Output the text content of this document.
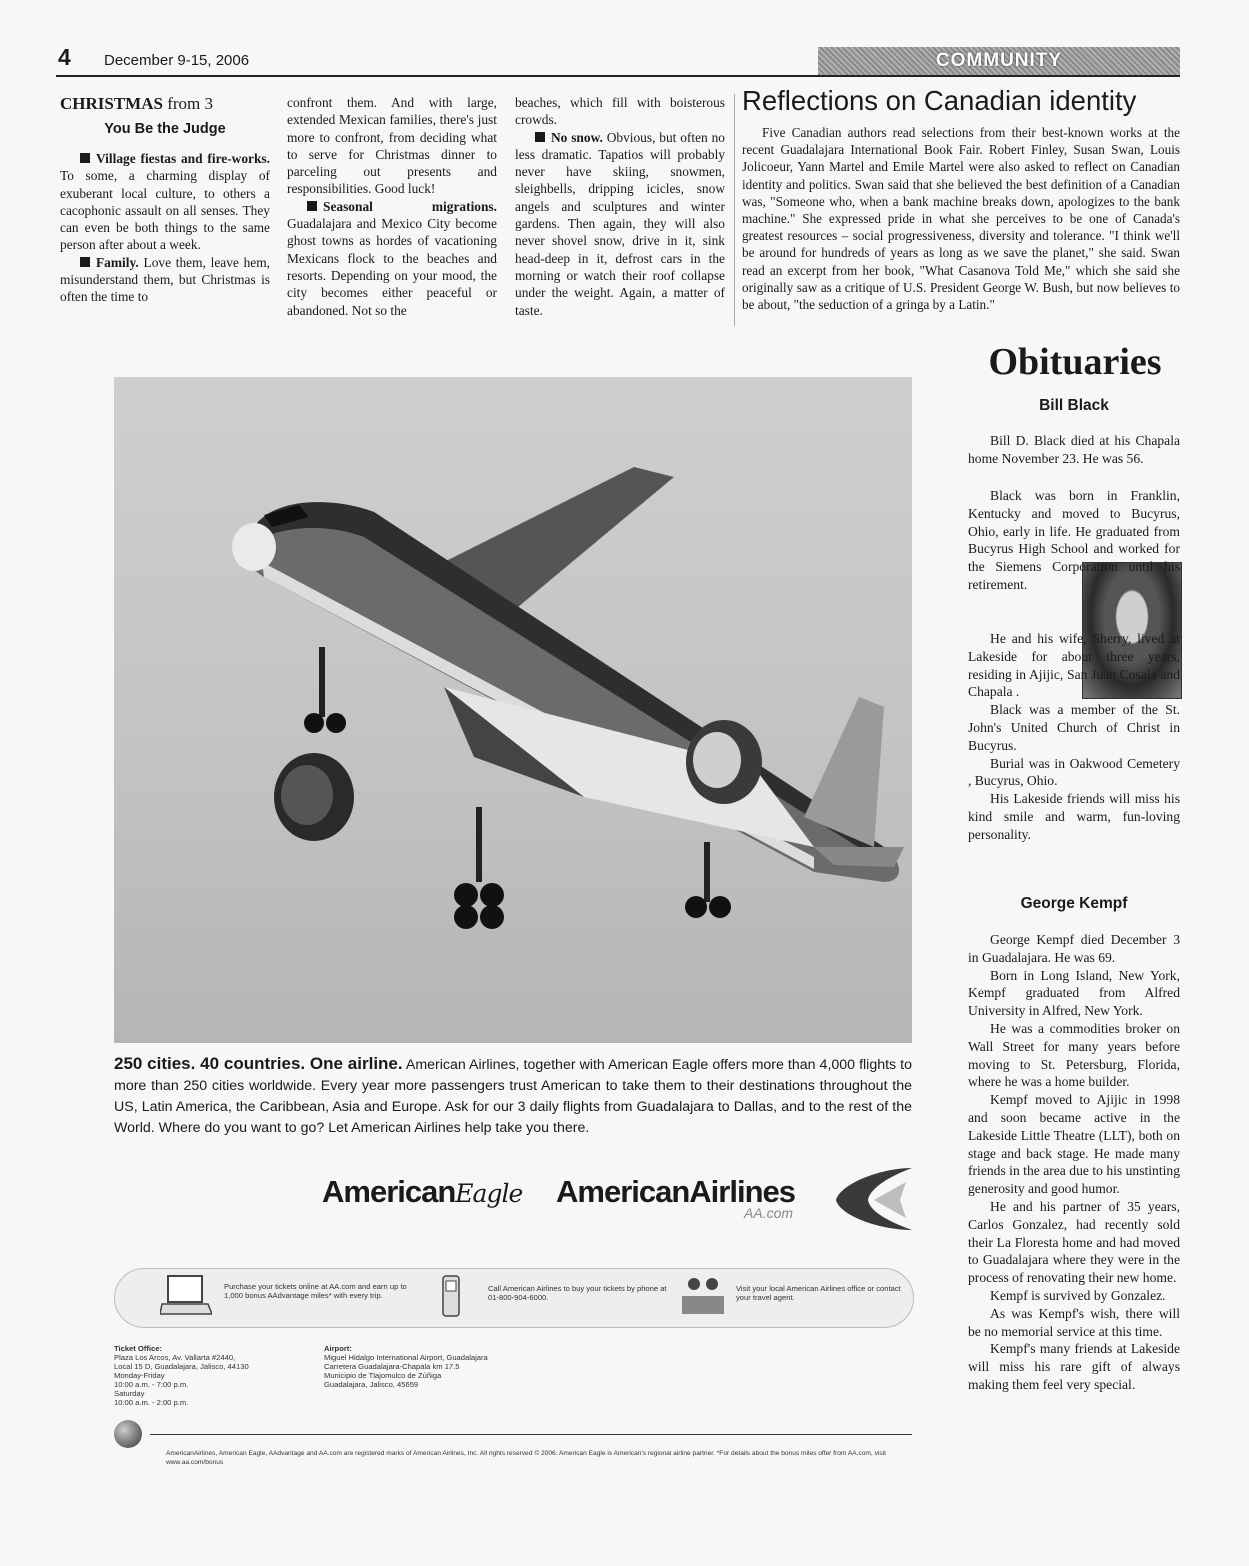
4 December 9-15, 2006	COMMUNITY
CHRISTMAS from 3
You Be the Judge

Village fiestas and fire-works. To some, a charming display of exuberant local culture, to others a cacophonic assault on all senses. They can even be both things to the same person after about a week.

Family. Love them, leave hem, misunderstand them, but Christmas is often the time to

confront them. And with large, extended Mexican families, there's just more to confront, from deciding what to serve for Christmas dinner to parceling out presents and responsibilities. Good luck!

Seasonal migrations. Guadalajara and Mexico City become ghost towns as hordes of vacationing Mexicans flock to the beaches and resorts. Depending on your mood, the city becomes either peaceful or abandoned. Not so the

beaches, which fill with boisterous crowds.

No snow. Obvious, but often no less dramatic. Tapatios will probably never have skiing, snowmen, sleighbells, dripping icicles, snow angels and sculptures and winter gardens. Then again, they will also never shovel snow, drive in it, sink head-deep in it, defrost cars in the morning or watch their roof collapse under the weight. Again, a matter of taste.

Reflections on Canadian identity

Five Canadian authors read selections from their best-known works at the recent Guadalajara International Book Fair. Robert Finley, Susan Swan, Louis Jolicoeur, Yann Martel and Emile Martel were also asked to reflect on Canadian identity and politics. Swan said that she believed the best definition of a Canadian was, "Someone who, when a bank machine breaks down, apologizes to the bank machine." She expressed pride in what she perceives to be one of Canada's greatest resources – social progressiveness, diversity and tolerance. "I think we'll be around for hundreds of years as long as we save the planet," she said. Swan read an excerpt from her book, "What Casanova Told Me," which she said she originally saw as a critique of U.S. President George W. Bush, but now believes to be about, "the seduction of a gringa by a Latin."

250 cities. 40 countries. One airline. American Airlines, together with American Eagle offers more than 4,000 flights to more than 250 cities worldwide. Every year more passengers trust American to take them to their destinations throughout the US, Latin America, the Caribbean, Asia and Europe. Ask for our 3 daily flights from Guadalajara to Dallas, and to the rest of the World. Where do you want to go? Let American Airlines help take you there.
AmericanEagle AmericanAirlines
AA.com
Purchase your tickets online at AA.com and earn up to 1,000 bonus AAdvantage miles* with every trip.
Call American Airlines to buy your tickets by phone at 01-800-904-6000.
Visit your local American Airlines office or contact your travel agent.
Ticket Office:
Plaza Los Arcos, Av. Vallarta #2440,
Local 15 D, Guadalajara, Jalisco, 44130
Monday-Friday
10:00 a.m. - 7:00 p.m.
Saturday
10:00 a.m. - 2:00 p.m.
Airport:
Miguel Hidalgo International Airport, Guadalajara
Carretera Guadalajara-Chapala km 17.5
Municipio de Tlajomulco de Zúñiga
Guadalajara, Jalisco, 45659
AmericanAirlines, American Eagle, AAdvantage and AA.com are registered marks of American Airlines, Inc. All rights reserved © 2006. American Eagle is American's regional airline partner. *For details about the bonus miles offer from AA.com, visit www.aa.com/bonus
Obituaries
Bill Black

Bill D. Black died at his Chapala home November 23. He was 56.

Black was born in Franklin, Kentucky and moved to Bucyrus, Ohio, early in life. He graduated from Bucyrus High School and worked for the Siemens Corporation until his retirement.

He and his wife, Sherry, lived at Lakeside for about three years, residing in Ajijic, San Juan Cosala and Chapala .

Black was a member of the St. John's United Church of Christ in Bucyrus.

Burial was in Oakwood Cemetery , Bucyrus, Ohio.

His Lakeside friends will miss his kind smile and warm, fun-loving personality.

George Kempf

George Kempf died December 3 in Guadalajara. He was 69.

Born in Long Island, New York, Kempf graduated from Alfred University in Alfred, New York.

He was a commodities broker on Wall Street for many years before moving to St. Petersburg, Florida, where he was a home builder.

Kempf moved to Ajijic in 1998 and soon became active in the Lakeside Little Theatre (LLT), both on stage and back stage. He made many friends in the area due to his unstinting generosity and good humor.

He and his partner of 35 years, Carlos Gonzalez, had recently sold their La Floresta home and had moved to Guadalajara where they were in the process of renovating their new home.

Kempf is survived by Gonzalez.

As was Kempf's wish, there will be no memorial service at this time.

Kempf's many friends at Lakeside will miss his rare gift of always making them feel very special.
